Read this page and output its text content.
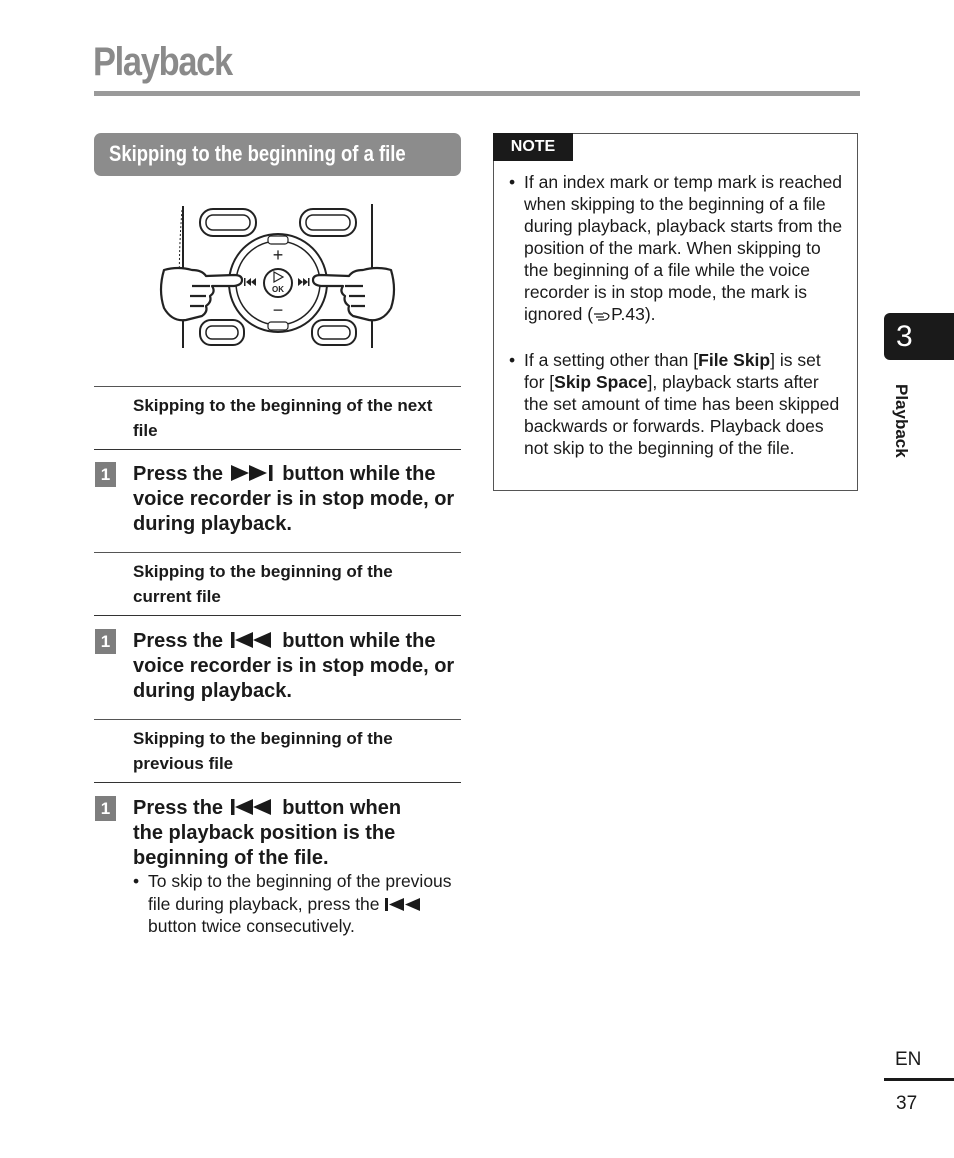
Playback
Skipping to the beginning of a file
+
−
OK
Skipping to the beginning of the next file
1 Press the	button while the voice recorder is in stop mode, or during playback.
Skipping to the beginning of the current file
1 Press the	button while the voice recorder is in stop mode, or during playback.
Skipping to the beginning of the previous file
1 Press the	button when the playback position is the beginning of the file.
• To skip to the beginning of the previous file during playback, press the  button twice consecutively.
NOTE
• If an index mark or temp mark is reached when skipping to the beginning of a file during playback, playback starts from the position of the mark. When skipping to the beginning of a file while the voice recorder is in stop mode, the mark is ignored ( P.43).
• If a setting other than [File Skip] is set for [Skip Space], playback starts after the set amount of time has been skipped backwards or forwards. Playback does not skip to the beginning of the file.
3
Playback
EN
37
